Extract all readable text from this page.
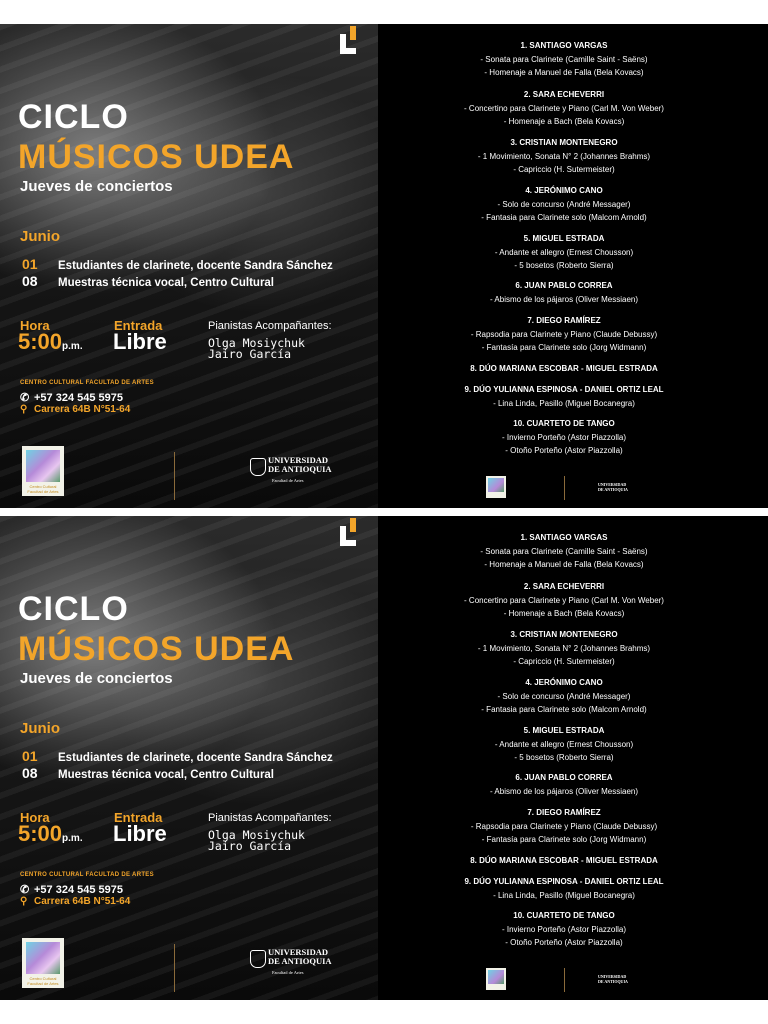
CICLO
MÚSICOS UDEA
Jueves de conciertos
Junio
01 Estudiantes de clarinete, docente Sandra Sánchez
08 Muestras técnica vocal, Centro Cultural
Hora
5:00p.m.
Entrada
Libre
Pianistas Acompañantes:
Olga Mosiychuk
Jairo García
CENTRO CULTURAL FACULTAD DE ARTES
✆ +57 324 545 5975
⚲ Carrera 64B N°51-64
Centro Cultural Facultad de Artes
UNIVERSIDAD
DE ANTIOQUIA
Facultad de Artes
1. SANTIAGO VARGAS
- Sonata para Clarinete (Camille Saint - Saëns)
- Homenaje a Manuel de Falla (Bela Kovacs)
2. SARA ECHEVERRI
- Concertino para Clarinete y Piano (Carl M. Von Weber)
- Homenaje a Bach (Bela Kovacs)
3. CRISTIAN MONTENEGRO
- 1 Movimiento, Sonata N° 2 (Johannes Brahms)
- Capriccio (H. Sutermeister)
4. JERÓNIMO CANO
- Solo de concurso (André Messager)
- Fantasia para Clarinete solo (Malcom Arnold)
5. MIGUEL ESTRADA
- Andante et allegro (Ernest Chousson)
- 5 bosetos (Roberto Sierra)
6. JUAN PABLO CORREA
- Abismo de los pájaros (Oliver Messiaen)
7. DIEGO RAMÍREZ
- Rapsodia para Clarinete y Piano (Claude Debussy)
- Fantasía para Clarinete solo (Jorg Widmann)
8. DÚO MARIANA ESCOBAR - MIGUEL ESTRADA
9. DÚO YULIANNA ESPINOSA - DANIEL ORTIZ LEAL
- Lina Linda, Pasillo (Miguel Bocanegra)
10. CUARTETO DE TANGO
- Invierno Porteño (Astor Piazzolla)
- Otoño Porteño (Astor Piazzolla)
UNIVERSIDAD
DE ANTIOQUIA
CICLO
MÚSICOS UDEA
Jueves de conciertos
Junio
01 Estudiantes de clarinete, docente Sandra Sánchez
08 Muestras técnica vocal, Centro Cultural
Hora
5:00p.m.
Entrada
Libre
Pianistas Acompañantes:
Olga Mosiychuk
Jairo García
CENTRO CULTURAL FACULTAD DE ARTES
✆ +57 324 545 5975
⚲ Carrera 64B N°51-64
Centro Cultural Facultad de Artes
UNIVERSIDAD
DE ANTIOQUIA
Facultad de Artes
1. SANTIAGO VARGAS
- Sonata para Clarinete (Camille Saint - Saëns)
- Homenaje a Manuel de Falla (Bela Kovacs)
2. SARA ECHEVERRI
- Concertino para Clarinete y Piano (Carl M. Von Weber)
- Homenaje a Bach (Bela Kovacs)
3. CRISTIAN MONTENEGRO
- 1 Movimiento, Sonata N° 2 (Johannes Brahms)
- Capriccio (H. Sutermeister)
4. JERÓNIMO CANO
- Solo de concurso (André Messager)
- Fantasia para Clarinete solo (Malcom Arnold)
5. MIGUEL ESTRADA
- Andante et allegro (Ernest Chousson)
- 5 bosetos (Roberto Sierra)
6. JUAN PABLO CORREA
- Abismo de los pájaros (Oliver Messiaen)
7. DIEGO RAMÍREZ
- Rapsodia para Clarinete y Piano (Claude Debussy)
- Fantasía para Clarinete solo (Jorg Widmann)
8. DÚO MARIANA ESCOBAR - MIGUEL ESTRADA
9. DÚO YULIANNA ESPINOSA - DANIEL ORTIZ LEAL
- Lina Linda, Pasillo (Miguel Bocanegra)
10. CUARTETO DE TANGO
- Invierno Porteño (Astor Piazzolla)
- Otoño Porteño (Astor Piazzolla)
UNIVERSIDAD
DE ANTIOQUIA
